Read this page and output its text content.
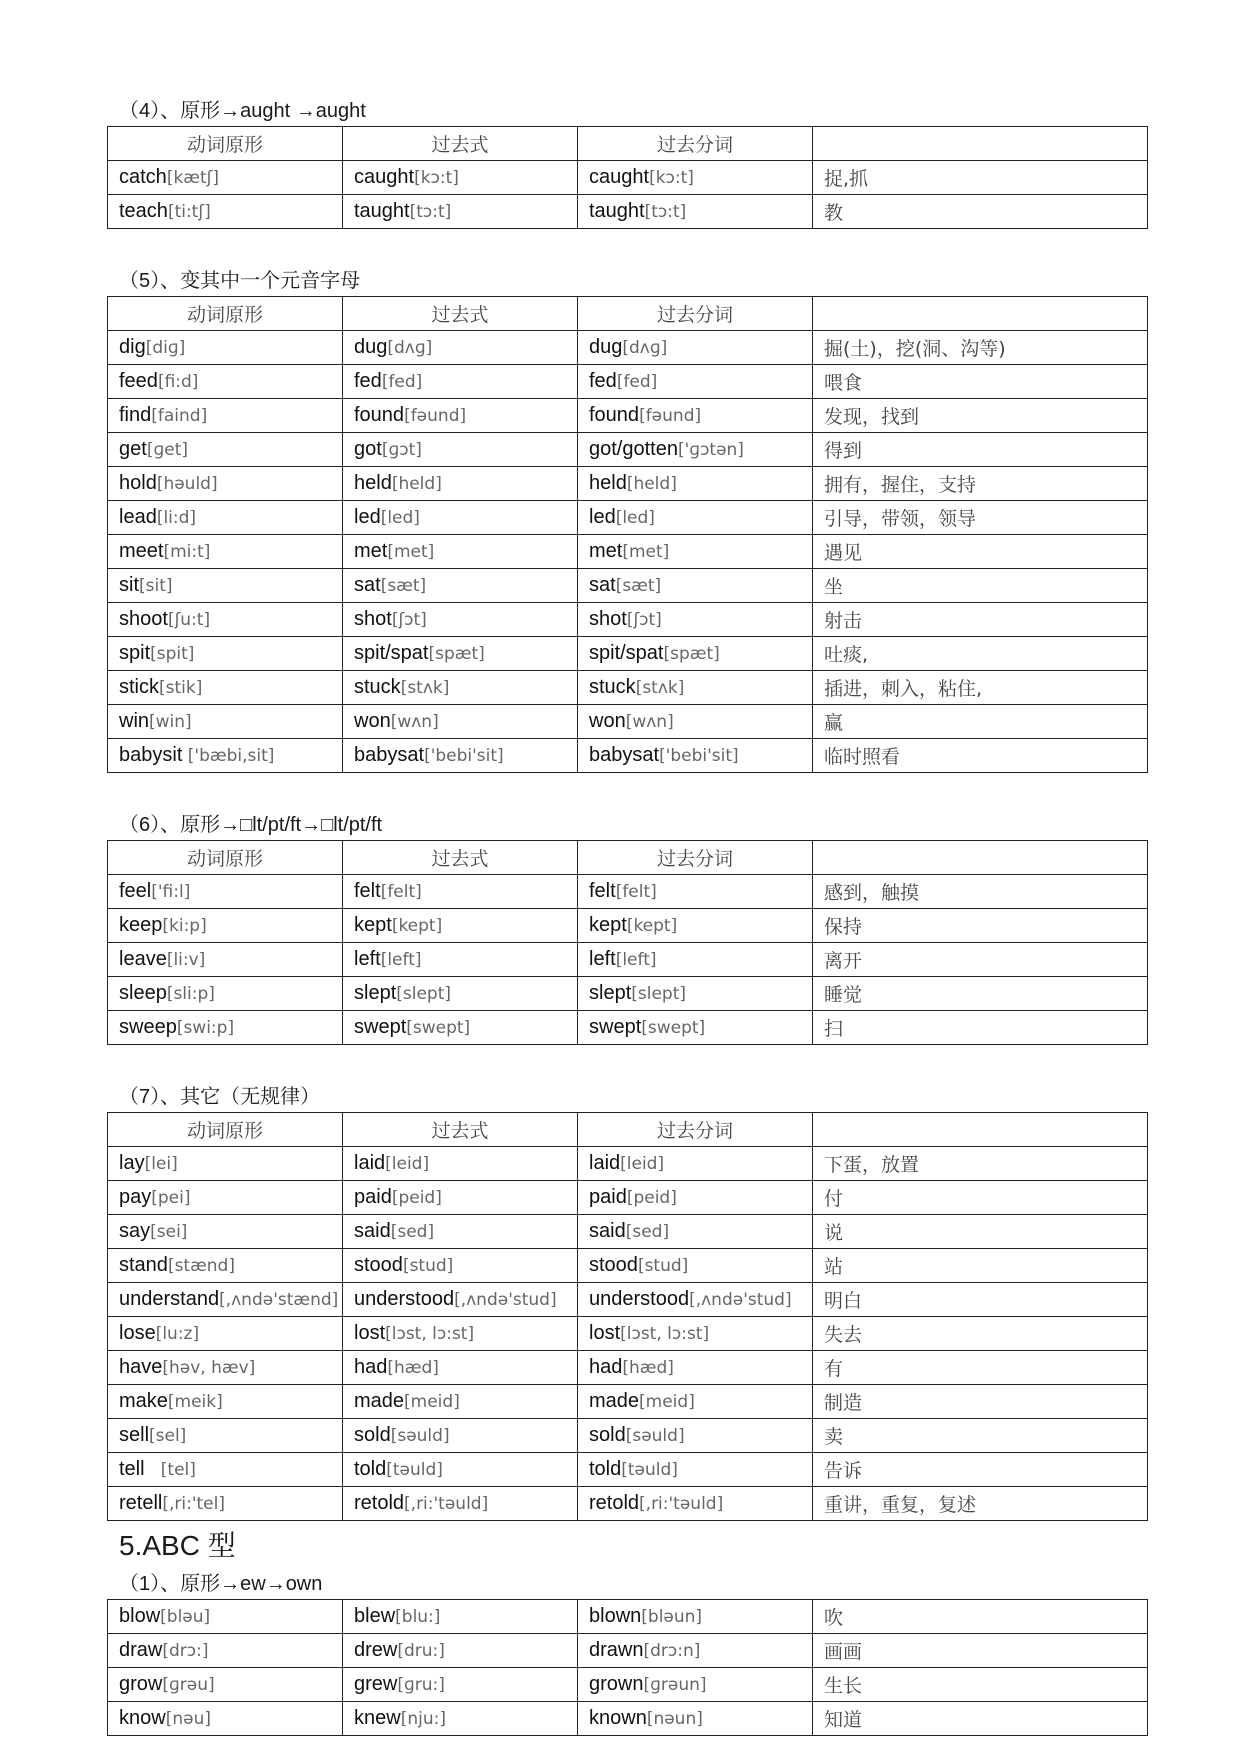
（4）、原形→aught →aught
动词原形	过去式	过去分词	
catch[kætʃ]	caught[kɔ:t]	caught[kɔ:t]	捉,抓
teach[ti:tʃ]	taught[tɔ:t]	taught[tɔ:t]	教
（5）、变其中一个元音字母
动词原形	过去式	过去分词	
dig[diɡ]	dug[dʌɡ]	dug[dʌɡ]	掘(土)，挖(洞、沟等)
feed[fi:d]	fed[fed]	fed[fed]	喂食
find[faind]	found[fəund]	found[fəund]	发现，找到
get[ɡet]	got[ɡɔt]	got/gotten['ɡɔtən]	得到
hold[həuld]	held[held]	held[held]	拥有，握住，支持
lead[li:d]	led[led]	led[led]	引导，带领，领导
meet[mi:t]	met[met]	met[met]	遇见
sit[sit]	sat[sæt]	sat[sæt]	坐
shoot[ʃu:t]	shot[ʃɔt]	shot[ʃɔt]	射击
spit[spit]	spit/spat[spæt]	spit/spat[spæt]	吐痰,
stick[stik]	stuck[stʌk]	stuck[stʌk]	插进，刺入，粘住,
win[win]	won[wʌn]	won[wʌn]	赢
babysit ['bæbi,sit]	babysat['bebi'sit]	babysat['bebi'sit]	临时照看
（6）、原形→□lt/pt/ft→□lt/pt/ft
动词原形	过去式	过去分词	
feel['fi:l]	felt[felt]	felt[felt]	感到，触摸
keep[ki:p]	kept[kept]	kept[kept]	保持
leave[li:v]	left[left]	left[left]	离开
sleep[sli:p]	slept[slept]	slept[slept]	睡觉
sweep[swi:p]	swept[swept]	swept[swept]	扫
（7）、其它（无规律）
动词原形	过去式	过去分词	
lay[lei]	laid[leid]	laid[leid]	下蛋，放置
pay[pei]	paid[peid]	paid[peid]	付
say[sei]	said[sed]	said[sed]	说
stand[stænd]	stood[stud]	stood[stud]	站
understand[,ʌndə'stænd]	understood[,ʌndə'stud]	understood[,ʌndə'stud]	明白
lose[lu:z]	lost[lɔst, lɔ:st]	lost[lɔst, lɔ:st]	失去
have[həv, hæv]	had[hæd]	had[hæd]	有
make[meik]	made[meid]	made[meid]	制造
sell[sel]	sold[səuld]	sold[səuld]	卖
tell   [tel]	told[təuld]	told[təuld]	告诉
retell[,ri:'tel]	retold[,ri:'təuld]	retold[,ri:'təuld]	重讲，重复，复述
5.ABC 型
（1）、原形→ew→own
blow[bləu]	blew[blu:]	blown[bləun]	吹
draw[drɔ:]	drew[dru:]	drawn[drɔ:n]	画画
grow[ɡrəu]	grew[ɡru:]	grown[ɡrəun]	生长
know[nəu]	knew[nju:]	known[nəun]	知道
